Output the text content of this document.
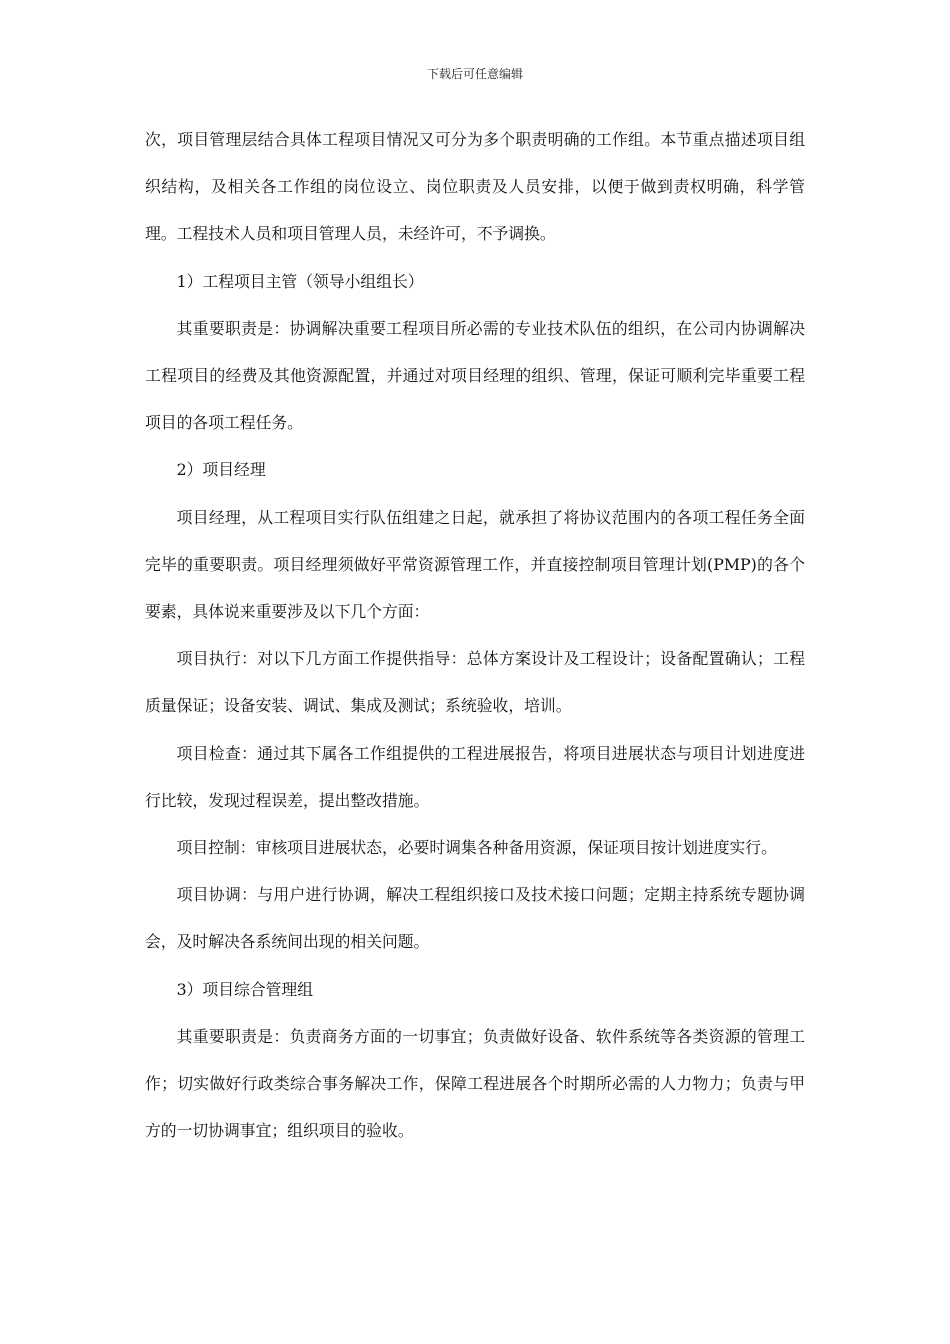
下载后可任意编辑

次，项目管理层结合具体工程项目情况又可分为多个职责明确的工作组。本节重点描述项目组织结构，及相关各工作组的岗位设立、岗位职责及人员安排，以便于做到责权明确，科学管理。工程技术人员和项目管理人员，未经许可，不予调换。

1）工程项目主管（领导小组组长）

其重要职责是：协调解决重要工程项目所必需的专业技术队伍的组织，在公司内协调解决工程项目的经费及其他资源配置，并通过对项目经理的组织、管理，保证可顺利完毕重要工程项目的各项工程任务。

2）项目经理

项目经理，从工程项目实行队伍组建之日起，就承担了将协议范围内的各项工程任务全面完毕的重要职责。项目经理须做好平常资源管理工作，并直接控制项目管理计划(PMP)的各个要素，具体说来重要涉及以下几个方面：

项目执行：对以下几方面工作提供指导：总体方案设计及工程设计；设备配置确认；工程质量保证；设备安装、调试、集成及测试；系统验收，培训。

项目检查：通过其下属各工作组提供的工程进展报告，将项目进展状态与项目计划进度进行比较，发现过程误差，提出整改措施。

项目控制：审核项目进展状态，必要时调集各种备用资源，保证项目按计划进度实行。

项目协调：与用户进行协调，解决工程组织接口及技术接口问题；定期主持系统专题协调会，及时解决各系统间出现的相关问题。

3）项目综合管理组

其重要职责是：负责商务方面的一切事宜；负责做好设备、软件系统等各类资源的管理工作；切实做好行政类综合事务解决工作，保障工程进展各个时期所必需的人力物力；负责与甲方的一切协调事宜；组织项目的验收。
